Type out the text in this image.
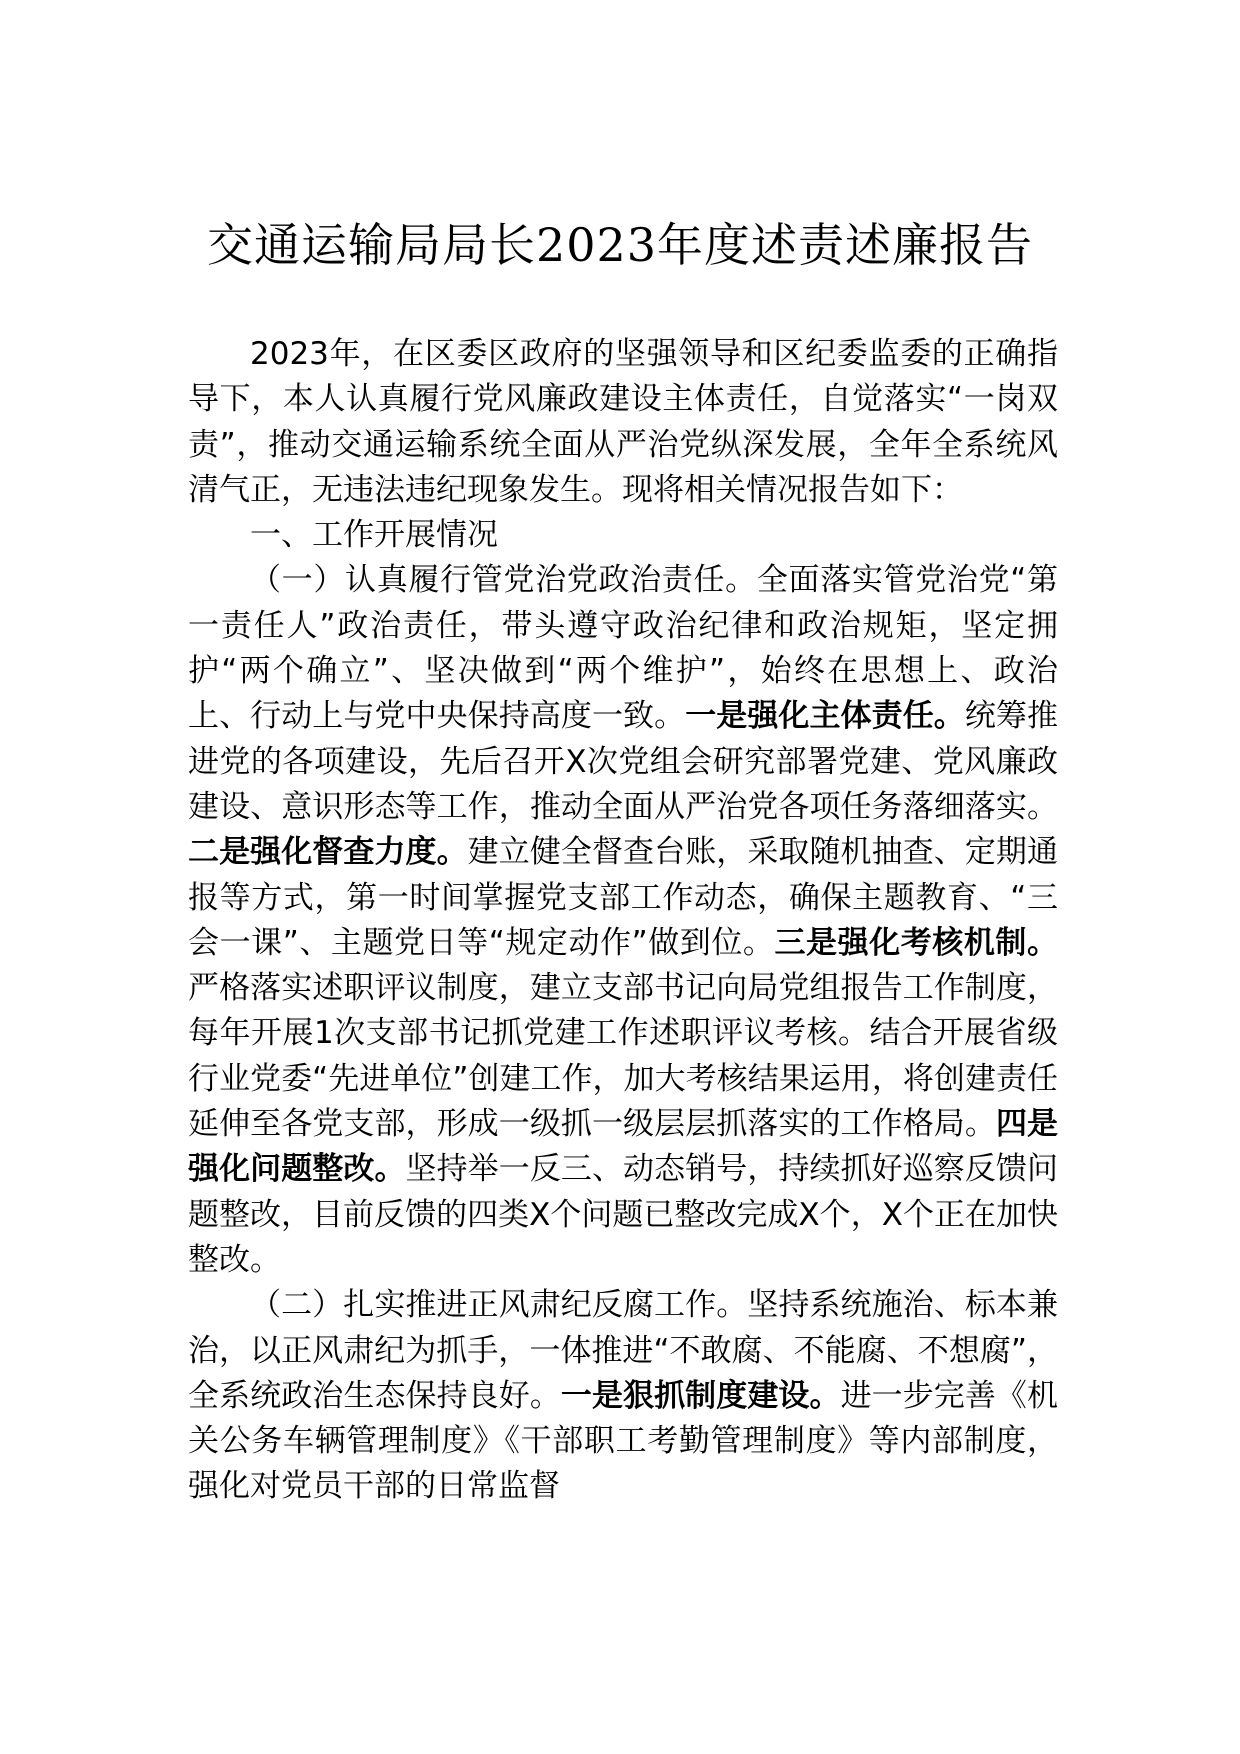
交通运输局局长2023年度述责述廉报告

2023年，在区委区政府的坚强领导和区纪委监委的正确指导下，本人认真履行党风廉政建设主体责任，自觉落实“一岗双责”，推动交通运输系统全面从严治党纵深发展，全年全系统风清气正，无违法违纪现象发生。现将相关情况报告如下：

一、工作开展情况

（一）认真履行管党治党政治责任。全面落实管党治党“第一责任人”政治责任，带头遵守政治纪律和政治规矩，坚定拥护“两个确立”、坚决做到“两个维护”，始终在思想上、政治上、行动上与党中央保持高度一致。一是强化主体责任。统筹推进党的各项建设，先后召开X次党组会研究部署党建、党风廉政建设、意识形态等工作，推动全面从严治党各项任务落细落实。二是强化督查力度。建立健全督查台账，采取随机抽查、定期通报等方式，第一时间掌握党支部工作动态，确保主题教育、“三会一课”、主题党日等“规定动作”做到位。三是强化考核机制。严格落实述职评议制度，建立支部书记向局党组报告工作制度，每年开展1次支部书记抓党建工作述职评议考核。结合开展省级行业党委“先进单位”创建工作，加大考核结果运用，将创建责任延伸至各党支部，形成一级抓一级层层抓落实的工作格局。四是强化问题整改。坚持举一反三、动态销号，持续抓好巡察反馈问题整改，目前反馈的四类X个问题已整改完成X个，X个正在加快整改。

（二）扎实推进正风肃纪反腐工作。坚持系统施治、标本兼治，以正风肃纪为抓手，一体推进“不敢腐、不能腐、不想腐”，全系统政治生态保持良好。一是狠抓制度建设。进一步完善《机关公务车辆管理制度》《干部职工考勤管理制度》等内部制度，强化对党员干部的日常监督
